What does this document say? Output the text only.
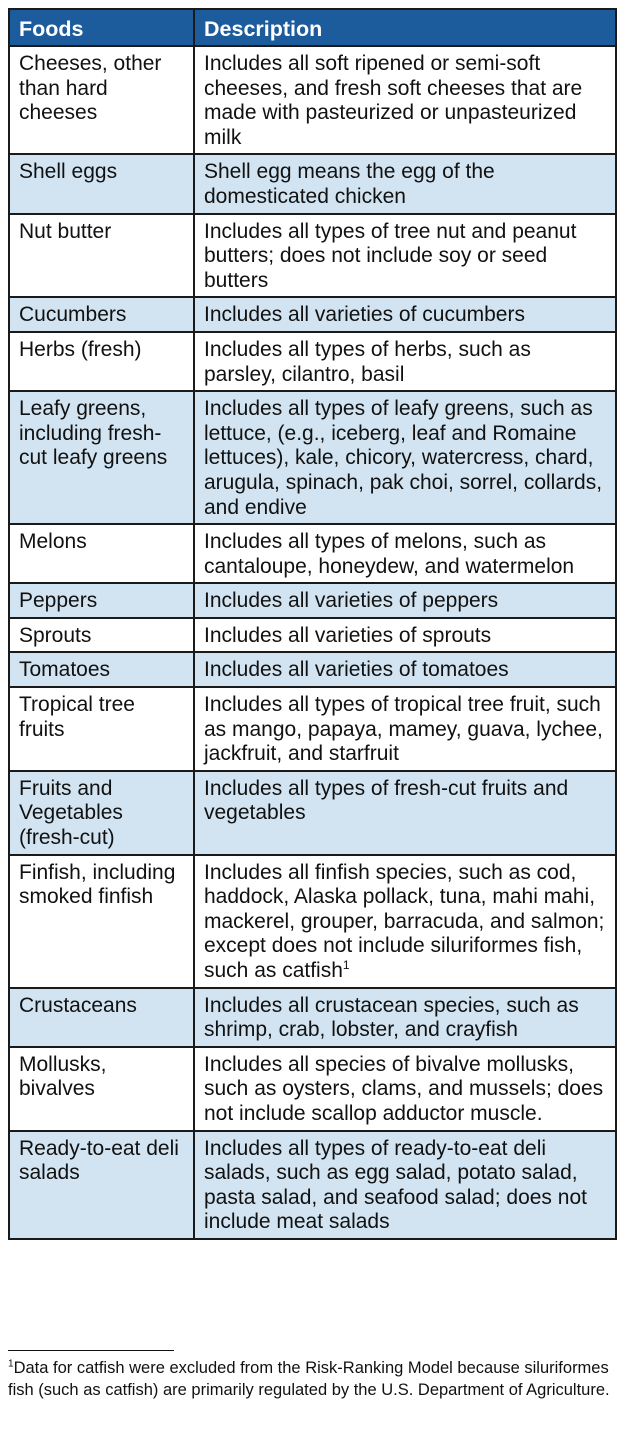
Foods	Description
Cheeses, other than hard cheeses	Includes all soft ripened or semi-soft cheeses, and fresh soft cheeses that are made with pasteurized or unpasteurized milk
Shell eggs	Shell egg means the egg of the domesticated chicken
Nut butter	Includes all types of tree nut and peanut butters; does not include soy or seed butters
Cucumbers	Includes all varieties of cucumbers
Herbs (fresh)	Includes all types of herbs, such as parsley, cilantro, basil
Leafy greens, including fresh-cut leafy greens	Includes all types of leafy greens, such as lettuce, (e.g., iceberg, leaf and Romaine lettuces), kale, chicory, watercress, chard, arugula, spinach, pak choi, sorrel, collards, and endive
Melons	Includes all types of melons, such as cantaloupe, honeydew, and watermelon
Peppers	Includes all varieties of peppers
Sprouts	Includes all varieties of sprouts
Tomatoes	Includes all varieties of tomatoes
Tropical tree fruits	Includes all types of tropical tree fruit, such as mango, papaya, mamey, guava, lychee, jackfruit, and starfruit
Fruits and Vegetables (fresh-cut)	Includes all types of fresh-cut fruits and vegetables
Finfish, including smoked finfish	Includes all finfish species, such as cod, haddock, Alaska pollack, tuna, mahi mahi, mackerel, grouper, barracuda, and salmon; except does not include siluriformes fish, such as catfish$^1$
Crustaceans	Includes all crustacean species, such as shrimp, crab, lobster, and crayfish
Mollusks, bivalves	Includes all species of bivalve mollusks, such as oysters, clams, and mussels; does not include scallop adductor muscle.
Ready-to-eat deli salads	Includes all types of ready-to-eat deli salads, such as egg salad, potato salad, pasta salad, and seafood salad; does not include meat salads
$^1$Data for catfish were excluded from the Risk-Ranking Model because siluriformes fish (such as catfish) are primarily regulated by the U.S. Department of Agriculture.
